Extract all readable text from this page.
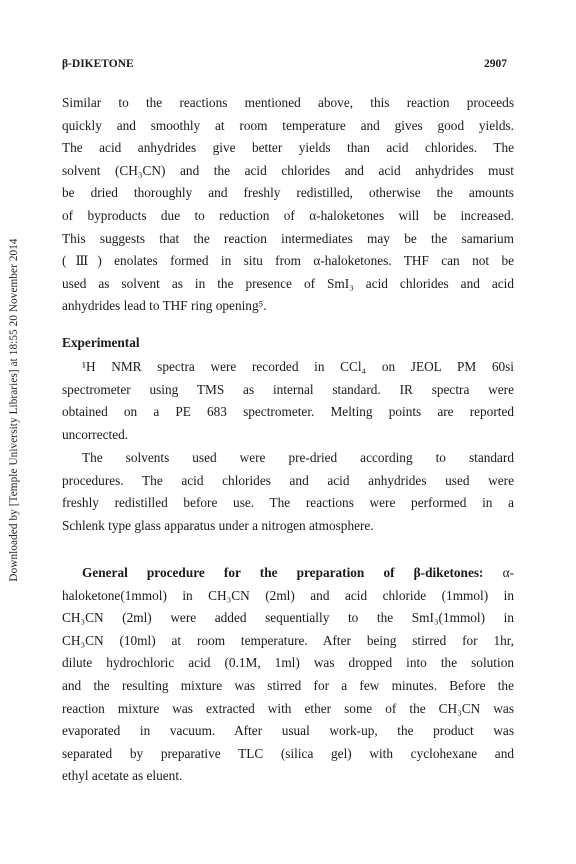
Downloaded by [Temple University Libraries] at 18:55 20 November 2014
β-DIKETONE	2907
Similar to the reactions mentioned above, this reaction proceeds
quickly and smoothly at room temperature and gives good yields.
The acid anhydrides give better yields than acid chlorides. The
solvent (CH₃CN) and the acid chlorides and acid anhydrides must
be dried thoroughly and freshly redistilled, otherwise the amounts
of byproducts due to reduction of α-haloketones will be increased.
This suggests that the reaction intermediates may be the samarium
(Ⅲ) enolates formed in situ from α-haloketones. THF can not be
used as solvent as in the presence of SmI₃ acid chlorides and acid
anhydrides lead to THF ring opening⁵.
Experimental
¹H NMR spectra were recorded in CCl₄ on JEOL PM 60si
spectrometer using TMS as internal standard. IR spectra were
obtained on a PE 683 spectrometer. Melting points are reported
uncorrected.
The solvents used were pre-dried according to standard
procedures. The acid chlorides and acid anhydrides used were
freshly redistilled before use. The reactions were performed in a
Schlenk type glass apparatus under a nitrogen atmosphere.
General procedure for the preparation of β-diketones: α-
haloketone(1mmol) in CH₃CN (2ml) and acid chloride (1mmol) in
CH₃CN (2ml) were added sequentially to the SmI₃(1mmol) in
CH₃CN (10ml) at room temperature. After being stirred for 1hr,
dilute hydrochloric acid (0.1M, 1ml) was dropped into the solution
and the resulting mixture was stirred for a few minutes. Before the
reaction mixture was extracted with ether some of the CH₃CN was
evaporated in vacuum. After usual work-up, the product was
separated by preparative TLC (silica gel) with cyclohexane and
ethyl acetate as eluent.
